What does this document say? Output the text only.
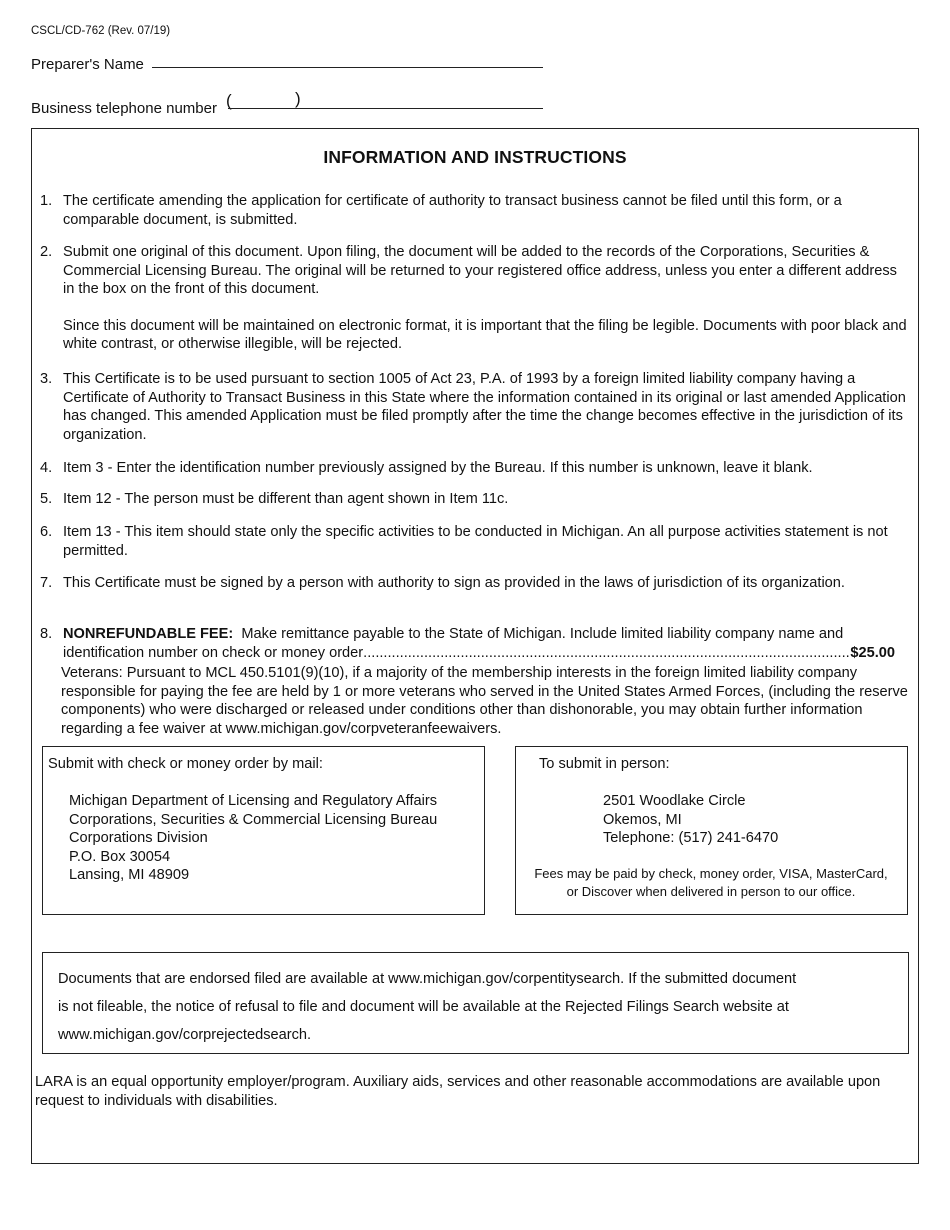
CSCL/CD-762 (Rev. 07/19)
Preparer's Name
Business telephone number (	)
INFORMATION AND INSTRUCTIONS
1. The certificate amending the application for certificate of authority to transact business cannot be filed until this form, or a comparable document, is submitted.

2. Submit one original of this document. Upon filing, the document will be added to the records of the Corporations, Securities & Commercial Licensing Bureau. The original will be returned to your registered office address, unless you enter a different address in the box on the front of this document.

Since this document will be maintained on electronic format, it is important that the filing be legible. Documents with poor black and white contrast, or otherwise illegible, will be rejected.

3. This Certificate is to be used pursuant to section 1005 of Act 23, P.A. of 1993 by a foreign limited liability company having a Certificate of Authority to Transact Business in this State where the information contained in its original or last amended Application has changed. This amended Application must be filed promptly after the time the change becomes effective in the jurisdiction of its organization.

4. Item 3 - Enter the identification number previously assigned by the Bureau. If this number is unknown, leave it blank.

5. Item 12 - The person must be different than agent shown in Item 11c.

6. Item 13 - This item should state only the specific activities to be conducted in Michigan. An all purpose activities statement is not permitted.

7. This Certificate must be signed by a person with authority to sign as provided in the laws of jurisdiction of its organization.

8. NONREFUNDABLE FEE: Make remittance payable to the State of Michigan. Include limited liability company name and

identification number on check or money order
.....	$25.00
Veterans: Pursuant to MCL 450.5101(9)(10), if a majority of the membership interests in the foreign limited liability company responsible for paying the fee are held by 1 or more veterans who served in the United States Armed Forces, (including the reserve components) who were discharged or released under conditions other than dishonorable, you may obtain further information regarding a fee waiver at www.michigan.gov/corpveteranfeewaivers.
Submit with check or money order by mail:
Michigan Department of Licensing and Regulatory Affairs
Corporations, Securities & Commercial Licensing Bureau
Corporations Division
P.O. Box 30054
Lansing, MI 48909
To submit in person:
2501 Woodlake Circle
Okemos, MI
Telephone: (517) 241-6470
Fees may be paid by check, money order, VISA, MasterCard,
or Discover when delivered in person to our office.
Documents that are endorsed filed are available at www.michigan.gov/corpentitysearch. If the submitted document
is not fileable, the notice of refusal to file and document will be available at the Rejected Filings Search website at
www.michigan.gov/corprejectedsearch.
LARA is an equal opportunity employer/program. Auxiliary aids, services and other reasonable accommodations are available upon request to individuals with disabilities.
